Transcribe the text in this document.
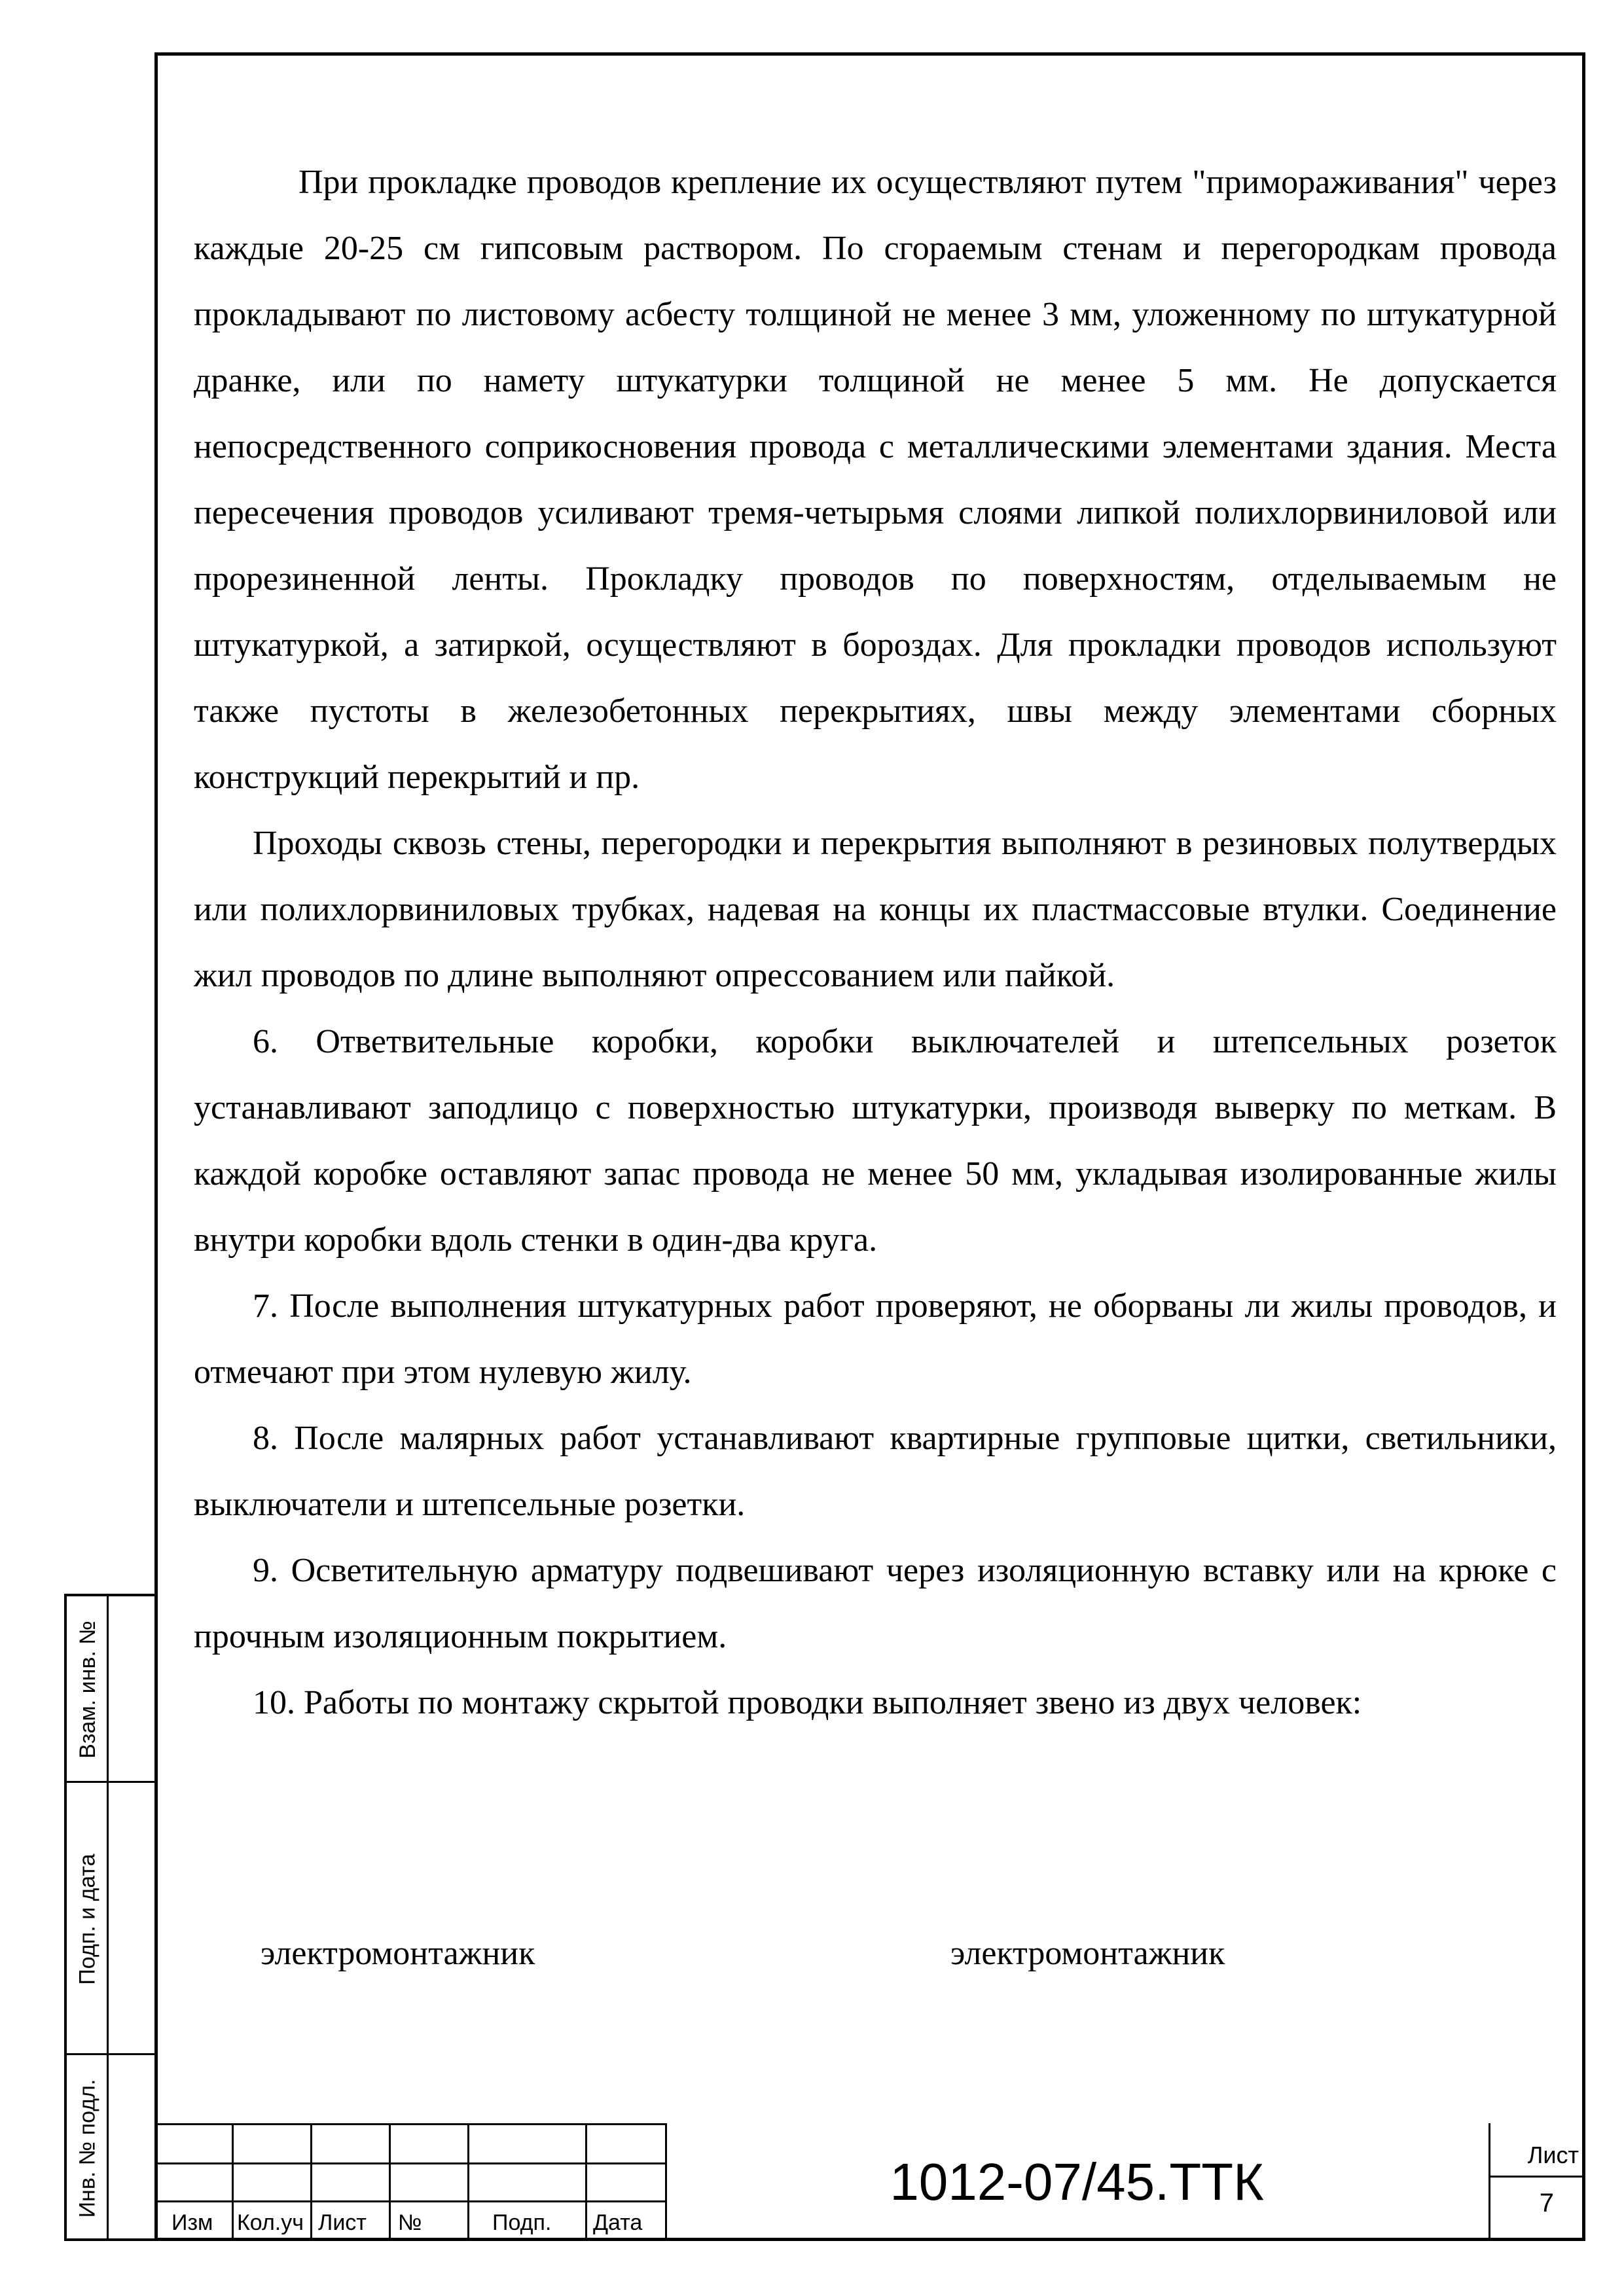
При прокладке проводов крепление их осуществляют путем "примораживания" через каждые 20-25 см гипсовым раствором. По сгораемым стенам и перегородкам провода прокладывают по листовому асбесту толщиной не менее 3 мм, уложенному по штукатурной дранке, или по намету штукатурки толщиной не менее 5 мм. Не допускается непосредственного соприкосновения провода с металлическими элементами здания. Места пересечения проводов усиливают тремя-четырьмя слоями липкой полихлорвиниловой или прорезиненной ленты. Прокладку проводов по поверхностям, отделываемым не штукатуркой, а затиркой, осуществляют в бороздах. Для прокладки проводов используют также пустоты в железобетонных перекрытиях, швы между элементами сборных конструкций перекрытий и пр.

Проходы сквозь стены, перегородки и перекрытия выполняют в резиновых полутвердых или полихлорвиниловых трубках, надевая на концы их пластмассовые втулки. Соединение жил проводов по длине выполняют опрессованием или пайкой.

6. Ответвительные коробки, коробки выключателей и штепсельных розеток устанавливают заподлицо с поверхностью штукатурки, производя выверку по меткам. В каждой коробке оставляют запас провода не менее 50 мм, укладывая изолированные жилы внутри коробки вдоль стенки в один-два круга.

7. После выполнения штукатурных работ проверяют, не оборваны ли жилы проводов, и отмечают при этом нулевую жилу.

8. После малярных работ устанавливают квартирные групповые щитки, светильники, выключатели и штепсельные розетки.

9. Осветительную арматуру подвешивают через изоляционную вставку или на крюке с прочным изоляционным покрытием.

10. Работы по монтажу скрытой проводки выполняет звено из двух человек:

электромонтажник	электромонтажник
Взам. инв. №
Подп. и дата
Инв. № подл.
Изм Кол.уч Лист №	Подп. Дата
1012-07/45.ТТК	Лист
7
